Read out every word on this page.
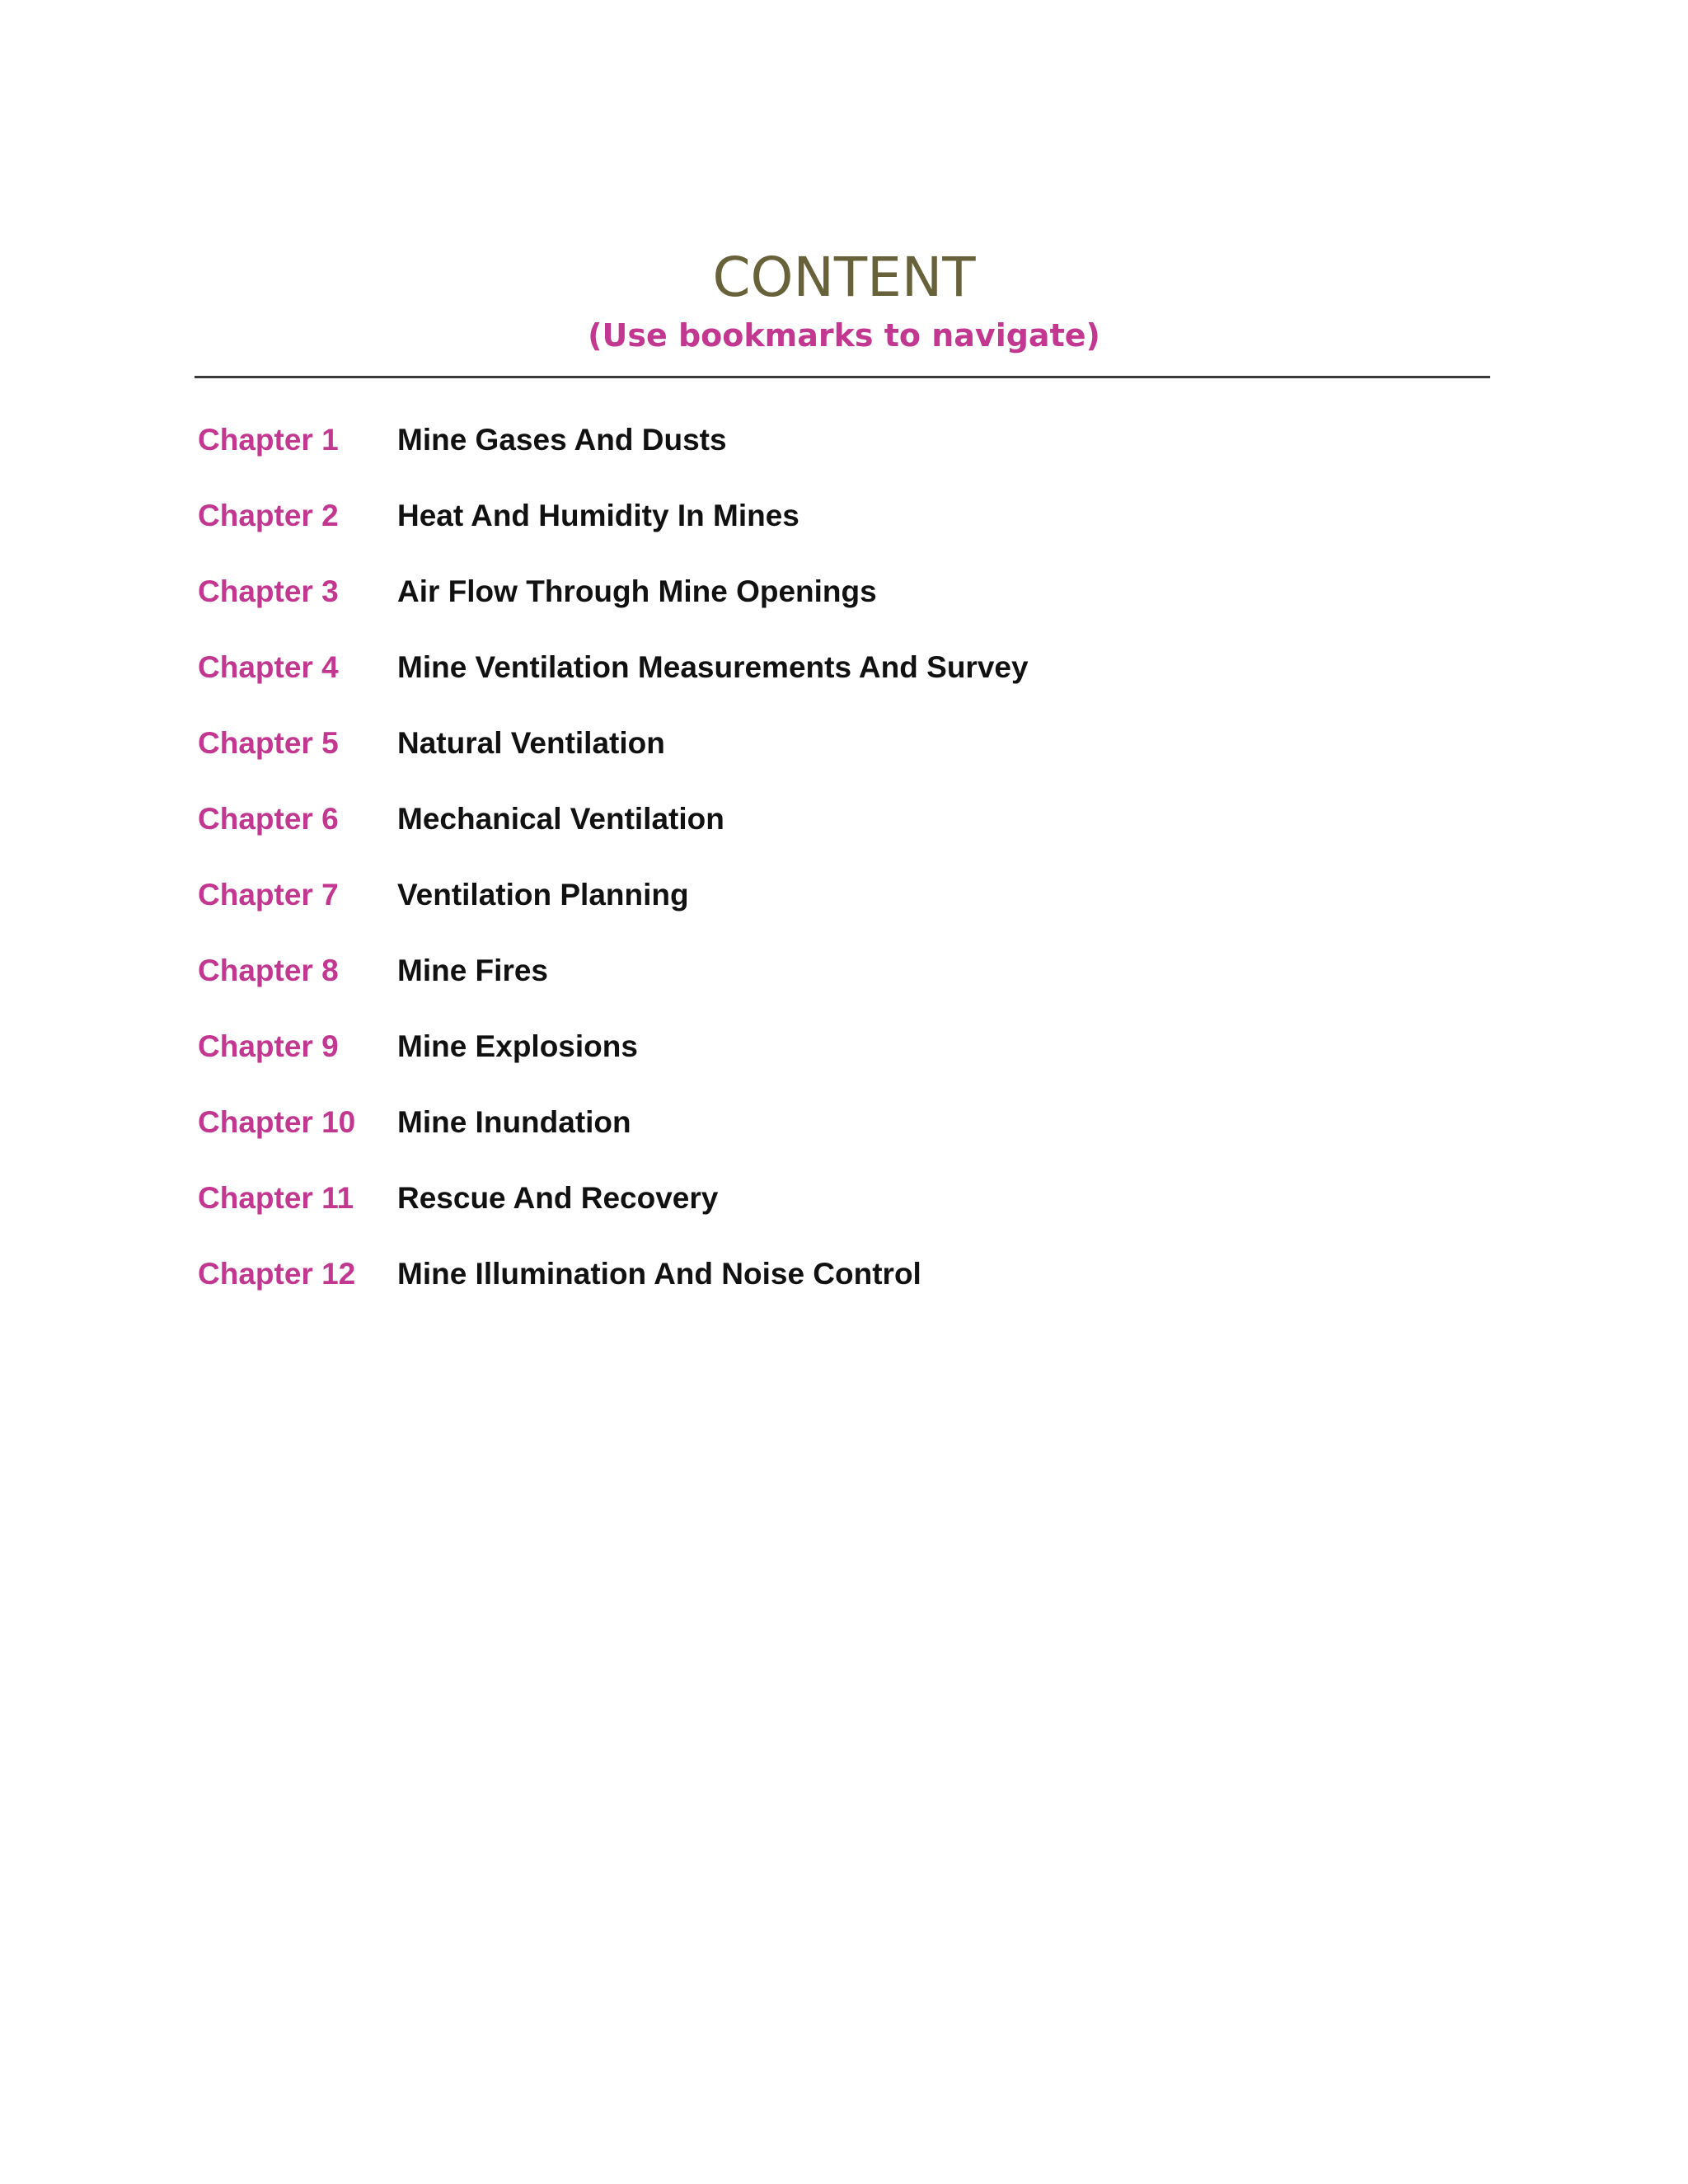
CONTENT
(Use bookmarks to navigate)
Chapter 1	Mine Gases And Dusts
Chapter 2	Heat And Humidity In Mines
Chapter 3	Air Flow Through Mine Openings
Chapter 4	Mine Ventilation Measurements And Survey
Chapter 5	Natural Ventilation
Chapter 6	Mechanical Ventilation
Chapter 7	Ventilation Planning
Chapter 8	Mine Fires
Chapter 9	Mine Explosions
Chapter 10	Mine Inundation
Chapter 11	Rescue And Recovery
Chapter 12	Mine Illumination And Noise Control
